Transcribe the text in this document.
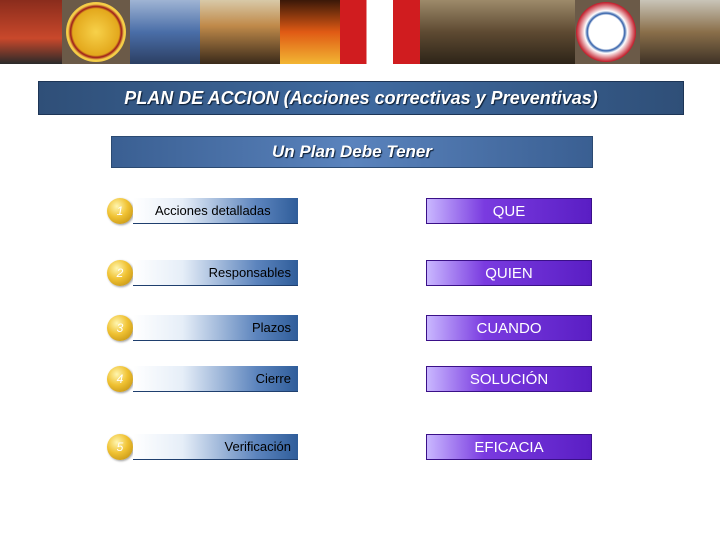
PLAN DE ACCION (Acciones correctivas y Preventivas)
Un Plan Debe Tener
1	Acciones detalladas	QUE
2	Responsables	QUIEN
3	Plazos	CUANDO
4	Cierre	SOLUCIÓN
5	Verificación	EFICACIA
